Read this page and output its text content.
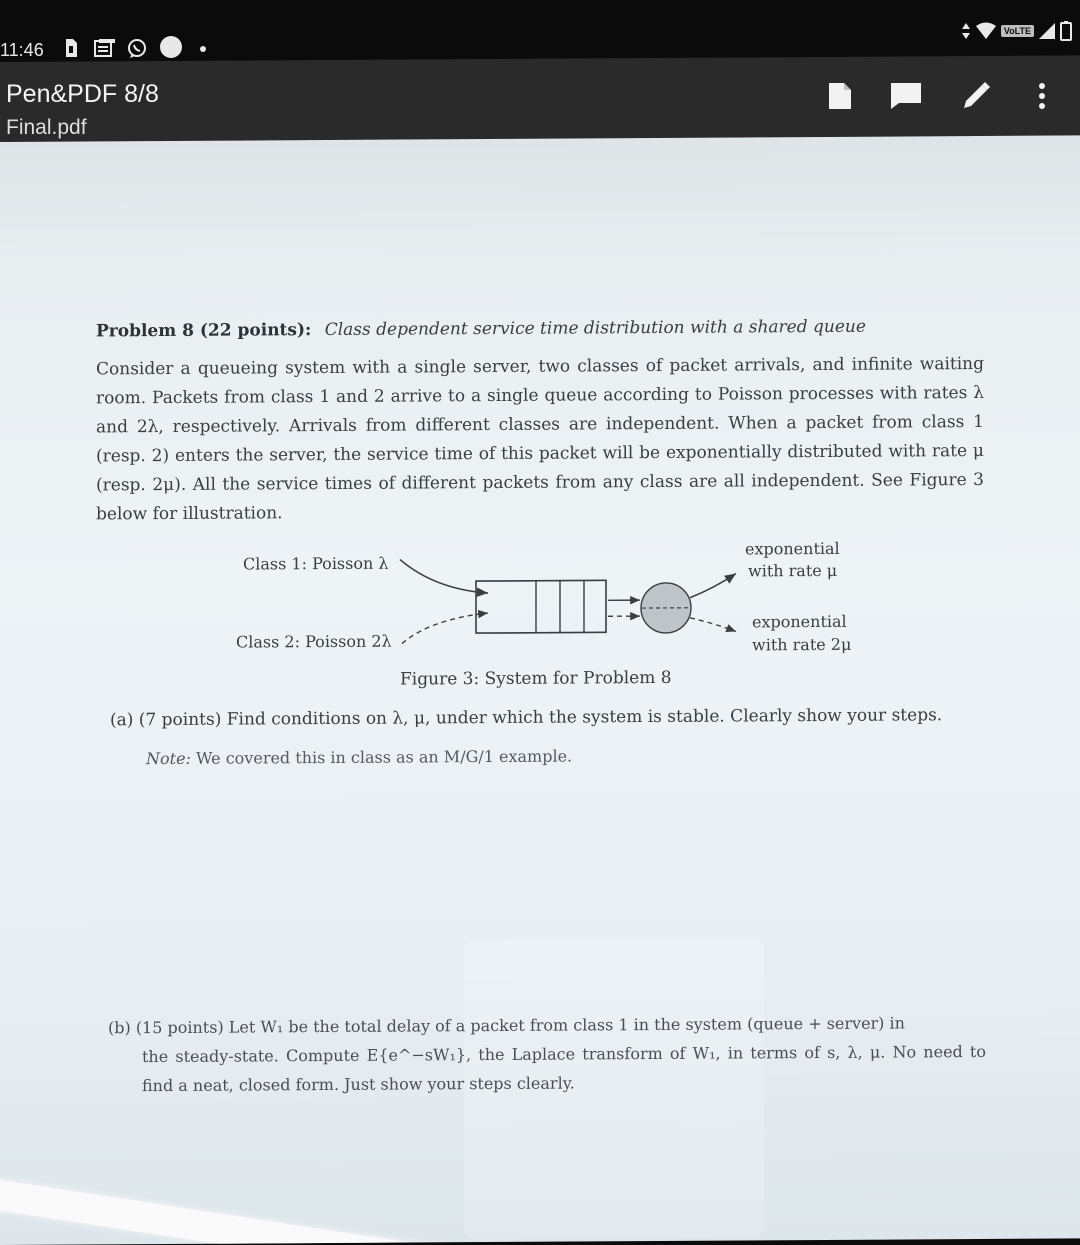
11:46
VoLTE
Pen&PDF 8/8
Final.pdf
Problem 8 (22 points): Class dependent service time distribution with a shared queue

Consider a queueing system with a single server, two classes of packet arrivals, and infinite waiting room. Packets from class 1 and 2 arrive to a single queue according to Poisson processes with rates λ and 2λ, respectively. Arrivals from different classes are independent. When a packet from class 1 (resp. 2) enters the server, the service time of this packet will be exponentially distributed with rate μ (resp. 2μ). All the service times of different packets from any class are all independent. See Figure 3 below for illustration.

Class 1: Poisson λ
Class 2: Poisson 2λ
exponential
with rate μ
exponential
with rate 2μ
Figure 3: System for Problem 8
(a) (7 points) Find conditions on λ, μ, under which the system is stable. Clearly show your steps.
Note: We covered this in class as an M/G/1 example.
(b) (15 points) Let W₁ be the total delay of a packet from class 1 in the system (queue + server) in
the steady-state. Compute E{e^−sW₁}, the Laplace transform of W₁, in terms of s, λ, μ. No need to find a neat, closed form. Just show your steps clearly.
